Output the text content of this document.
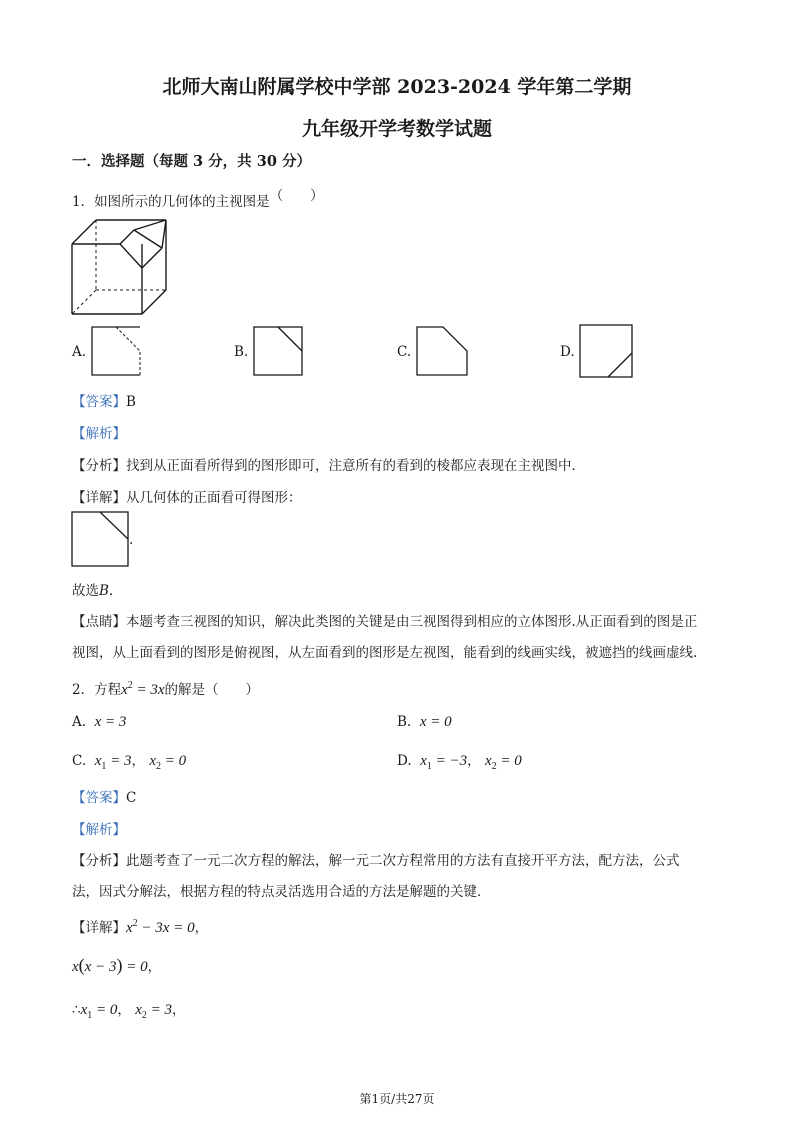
北师大南山附属学校中学部 2023-2024 学年第二学期
九年级开学考数学试题
一．选择题（每题 3 分，共 30 分）
1．如图所示的几何体的主视图是（　　）
A.	B.	C.	D.
【答案】B
【解析】
【分析】找到从正面看所得到的图形即可，注意所有的看到的棱都应表现在主视图中．
【详解】从几何体的正面看可得图形：
.
故选B.
【点睛】本题考查三视图的知识，解决此类图的关键是由三视图得到相应的立体图形.从正面看到的图是正
视图，从上面看到的图形是俯视图，从左面看到的图形是左视图，能看到的线画实线，被遮挡的线画虚线.
2．方程$x^2 = 3x$的解是（　　）
A. x = 3	B. x = 0
C. $x_1 = 3$， $x_2 = 0$	D. $x_1 = -3$， $x_2 = 0$
【答案】C
【解析】
【分析】此题考查了一元二次方程的解法，解一元二次方程常用的方法有直接开平方法，配方法，公式
法，因式分解法，根据方程的特点灵活选用合适的方法是解题的关键．
【详解】$x^2 - 3x = 0$，
x(x − 3) = 0，
$\therefore x_1 = 0$， $x_2 = 3$，
第1页/共27页
